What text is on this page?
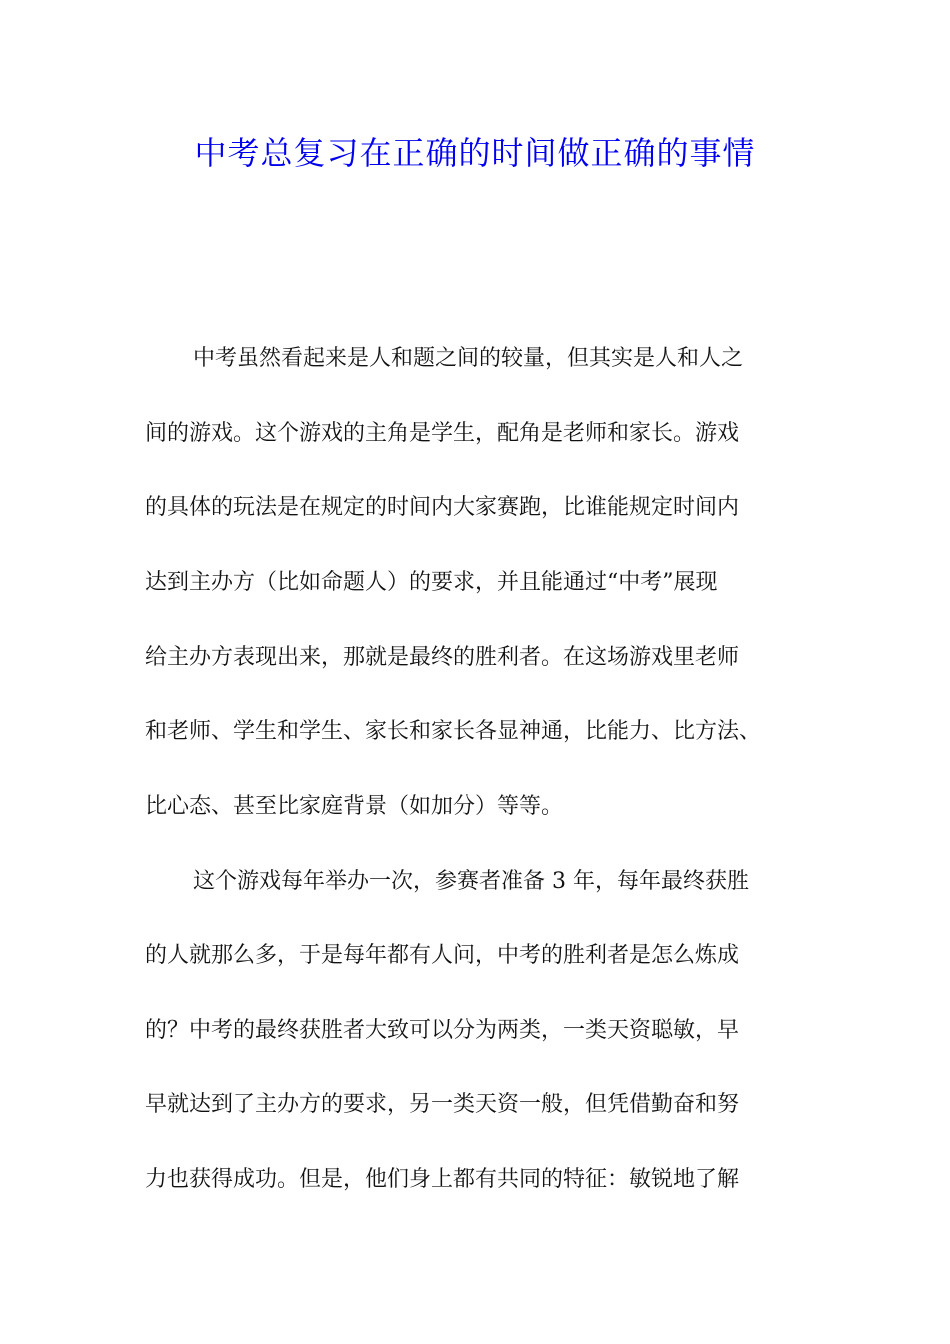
中考总复习在正确的时间做正确的事情
中考虽然看起来是人和题之间的较量，但其实是人和人之
间的游戏。这个游戏的主角是学生，配角是老师和家长。游戏
的具体的玩法是在规定的时间内大家赛跑，比谁能规定时间内
达到主办方（比如命题人）的要求，并且能通过“中考”展现
给主办方表现出来，那就是最终的胜利者。在这场游戏里老师
和老师、学生和学生、家长和家长各显神通，比能力、比方法、
比心态、甚至比家庭背景（如加分）等等。
这个游戏每年举办一次，参赛者准备 3 年，每年最终获胜
的人就那么多，于是每年都有人问，中考的胜利者是怎么炼成
的？中考的最终获胜者大致可以分为两类，一类天资聪敏，早
早就达到了主办方的要求，另一类天资一般，但凭借勤奋和努
力也获得成功。但是，他们身上都有共同的特征：敏锐地了解
